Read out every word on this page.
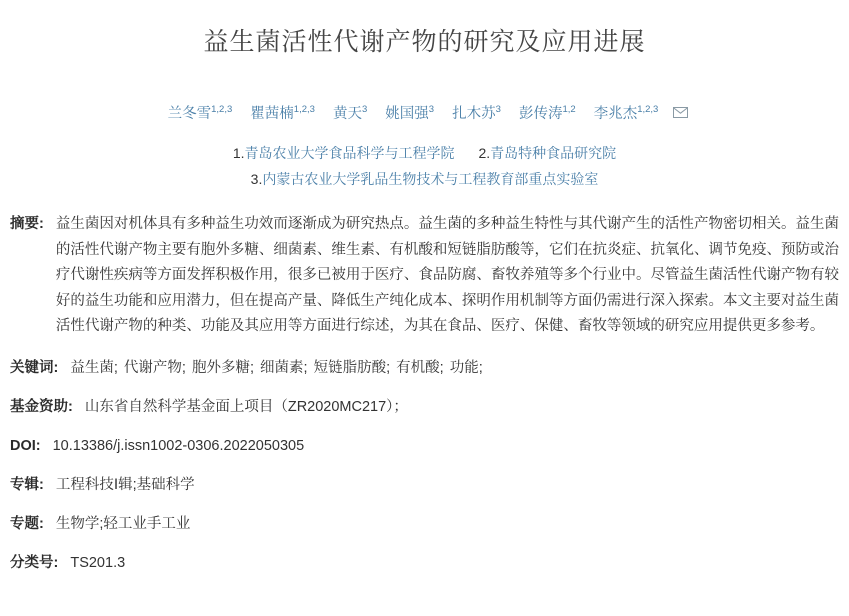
益生菌活性代谢产物的研究及应用进展
兰冬雪$^{1,2,3}$ 瞿茜楠$^{1,2,3}$ 黄天$^3$ 姚国强$^3$ 扎木苏$^3$ 彭传涛$^{1,2}$ 李兆杰$^{1,2,3}$
1.青岛农业大学食品科学与工程学院 2.青岛特种食品研究院
3.内蒙古农业大学乳品生物技术与工程教育部重点实验室
摘要: 益生菌因对机体具有多种益生功效而逐渐成为研究热点。益生菌的多种益生特性与其代谢产生的活性产物密切相关。益生菌的活性代谢产物主要有胞外多糖、细菌素、维生素、有机酸和短链脂肪酸等，它们在抗炎症、抗氧化、调节免疫、预防或治疗代谢性疾病等方面发挥积极作用，很多已被用于医疗、食品防腐、畜牧养殖等多个行业中。尽管益生菌活性代谢产物有较好的益生功能和应用潜力，但在提高产量、降低生产纯化成本、探明作用机制等方面仍需进行深入探索。本文主要对益生菌活性代谢产物的种类、功能及其应用等方面进行综述，为其在食品、医疗、保健、畜牧等领域的研究应用提供更多参考。
关键词: 益生菌; 代谢产物; 胞外多糖; 细菌素; 短链脂肪酸; 有机酸; 功能;
基金资助: 山东省自然科学基金面上项目（ZR2020MC217）；
DOI: 10.13386/j.issn1002-0306.2022050305
专辑: 工程科技Ⅰ辑;基础科学
专题: 生物学;轻工业手工业
分类号: TS201.3
